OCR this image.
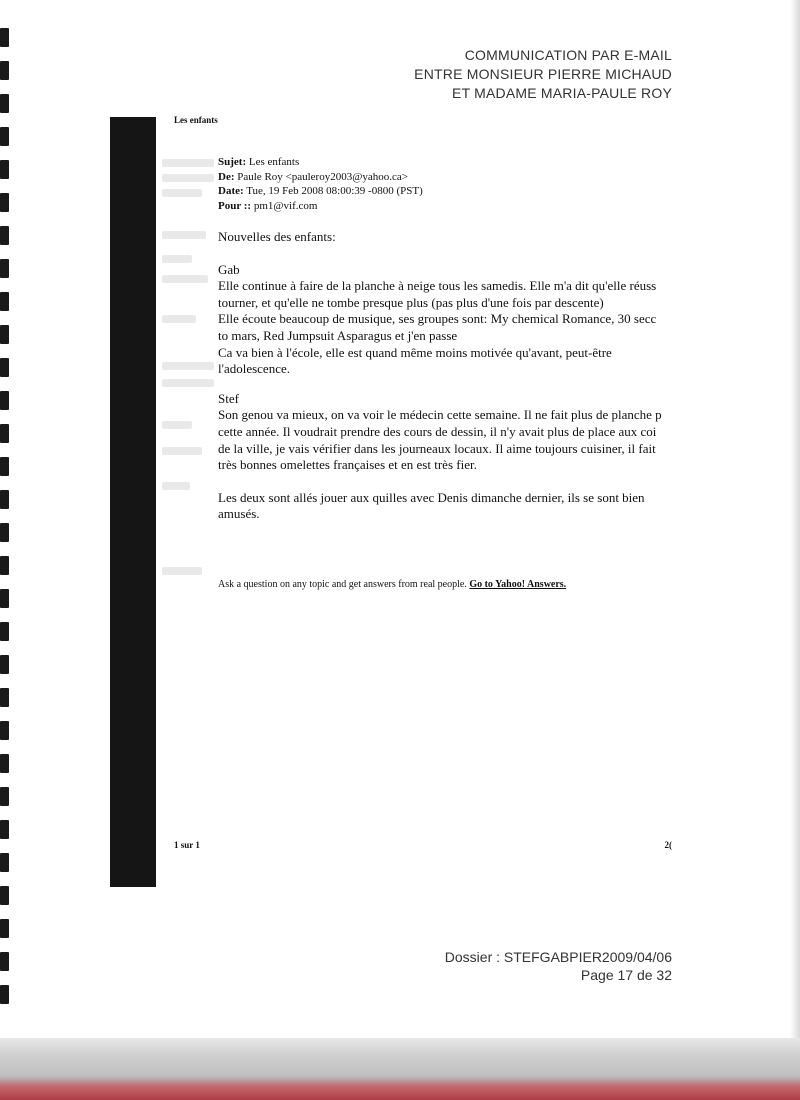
COMMUNICATION PAR E-MAIL
ENTRE MONSIEUR PIERRE MICHAUD
ET MADAME MARIA-PAULE ROY
Les enfants
Sujet: Les enfants
De: Paule Roy <pauleroy2003@yahoo.ca>
Date: Tue, 19 Feb 2008 08:00:39 -0800 (PST)
Pour :: pm1@vif.com

Nouvelles des enfants:

Gab

Elle continue à faire de la planche à neige tous les samedis. Elle m'a dit qu'elle réuss

tourner, et qu'elle ne tombe presque plus (pas plus d'une fois par descente)

Elle écoute beaucoup de musique, ses groupes sont: My chemical Romance, 30 secc

to mars, Red Jumpsuit Asparagus et j'en passe

Ca va bien à l'école, elle est quand même moins motivée qu'avant, peut-être

l'adolescence.

Stef

Son genou va mieux, on va voir le médecin cette semaine. Il ne fait plus de planche p

cette année. Il voudrait prendre des cours de dessin, il n'y avait plus de place aux coi

de la ville, je vais vérifier dans les journeaux locaux. Il aime toujours cuisiner, il fait

très bonnes omelettes françaises et en est très fier.

Les deux sont allés jouer aux quilles avec Denis dimanche dernier, ils se sont bien

amusés.

Ask a question on any topic and get answers from real people. Go to Yahoo! Answers.
1 sur 1	2(
Dossier : STEFGABPIER2009/04/06
Page 17 de 32
